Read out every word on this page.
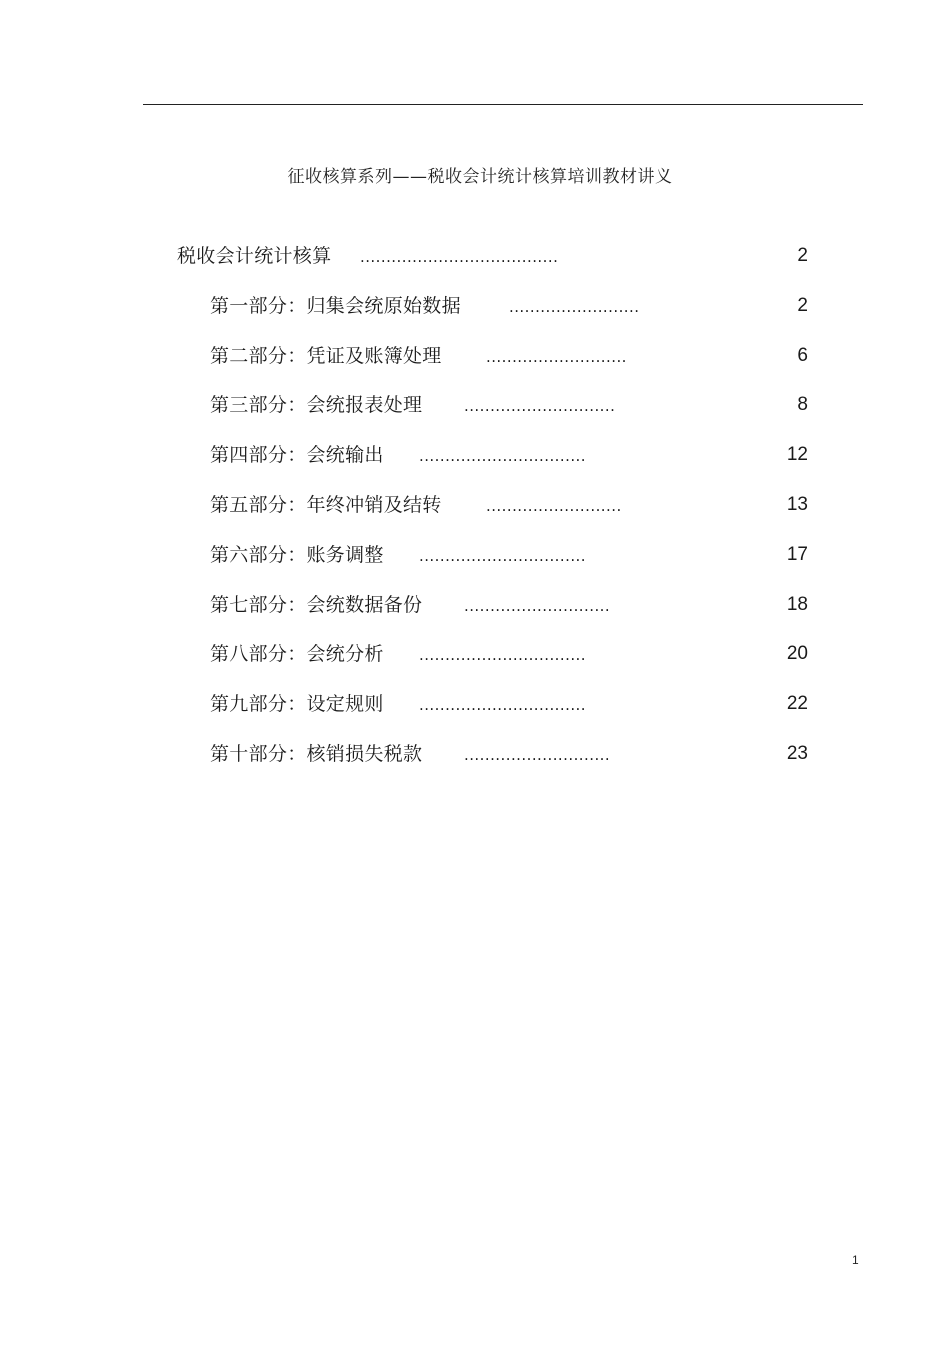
征收核算系列——税收会计统计核算培训教材讲义
税收会计统计核算 ......................................	2
第一部分：归集会统原始数据	.........................	2
第二部分：凭证及账簿处理	...........................	6
第三部分：会统报表处理	.............................	8
第四部分：会统输出 ................................	12
第五部分：年终冲销及结转	..........................	13
第六部分：账务调整 ................................	17
第七部分：会统数据备份	............................	18
第八部分：会统分析 ................................	20
第九部分：设定规则 ................................	22
第十部分：核销损失税款	............................	23
1
